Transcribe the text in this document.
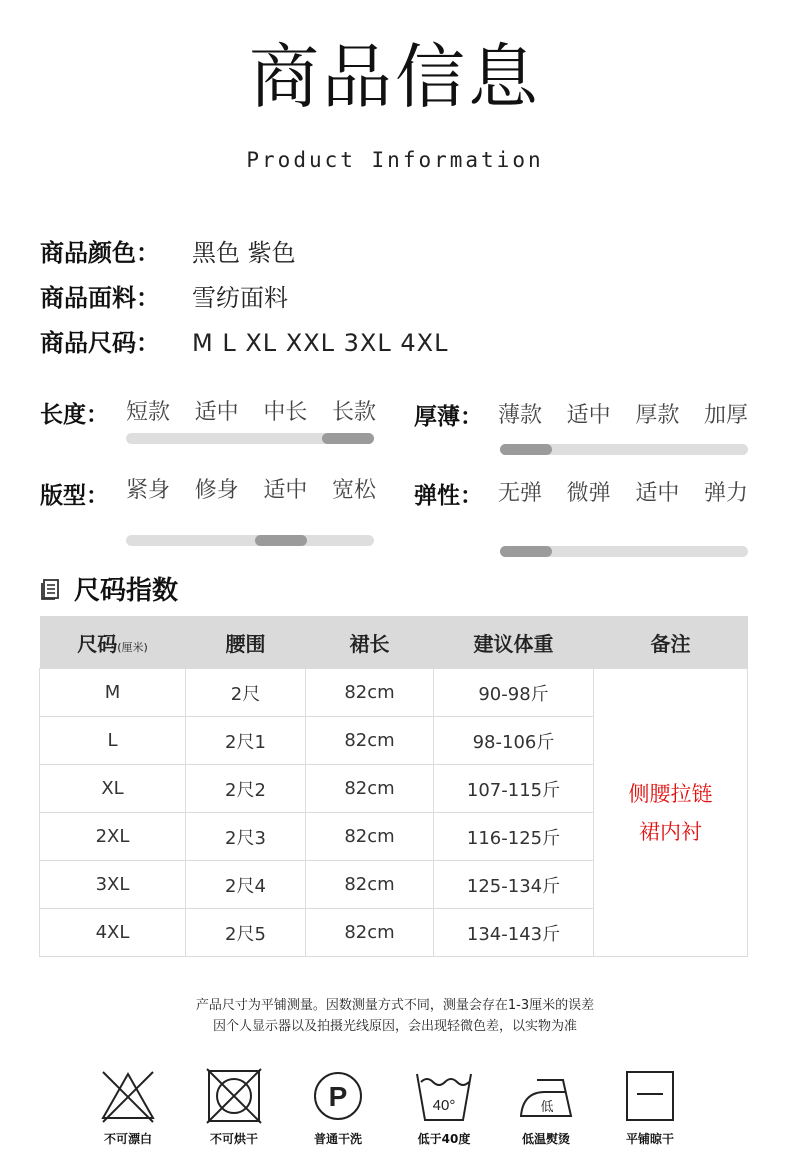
商品信息
Product Information
商品颜色：	黑色 紫色
商品面料：	雪纺面料
商品尺码：	M L XL XXL 3XL 4XL
长度： 短款 适中 中长 长款 厚薄： 薄款 适中 厚款 加厚
版型： 紧身 修身 适中 宽松 弹性： 无弹 微弹 适中 弹力
尺码指数
尺码(厘米)	腰围	裙长	建议体重	备注
M	2尺	82cm	90-98斤	侧腰拉链
裙内衬

L	2尺1	82cm	98-106斤	
XL	2尺2	82cm	107-115斤	
2XL	2尺3	82cm	116-125斤	
3XL	2尺4	82cm	125-134斤	
4XL	2尺5	82cm	134-143斤	
产品尺寸为平铺测量。因数测量方式不同，测量会存在1-3厘米的误差
因个人显示器以及拍摄光线原因，会出现轻微色差，以实物为准
不可漂白	不可烘干
P
普通干洗
40°
低于40度
低
低温熨烫	平铺晾干
